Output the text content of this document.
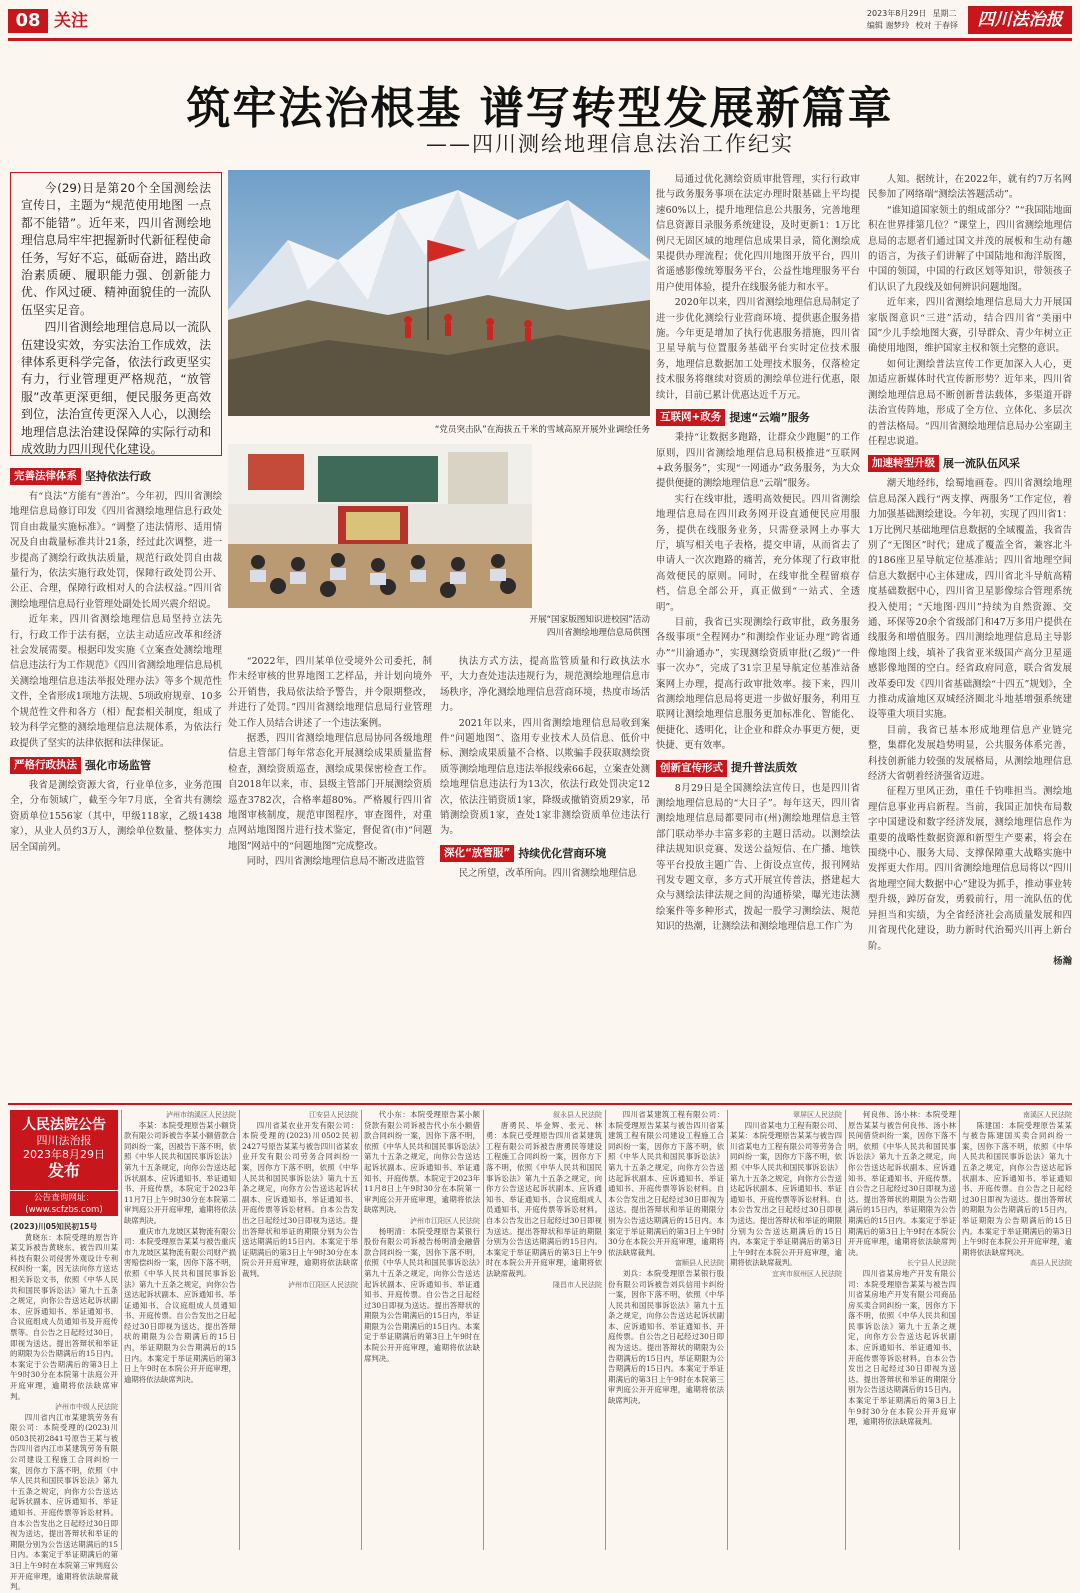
08 关注	2023年8月29日 星期二
编辑 谢梦玲 校对 于春铎	四川法治报
筑牢法治根基 谱写转型发展新篇章
——四川测绘地理信息法治工作纪实

今(29)日是第20个全国测绘法宣传日，主题为“规范使用地图 一点都不能错”。近年来，四川省测绘地理信息局牢牢把握新时代新征程使命任务，写好不忘，砥砺奋进，踏出政治素质硬、履职能力强、创新能力优、作风过硬、精神面貌佳的一流队伍坚实足音。

四川省测绘地理信息局以一流队伍建设实效，夯实法治工作成效，法律体系更科学完备，依法行政更坚实有力，行业管理更严格规范，“放管服”改革更深更细，便民服务更高效到位，法治宣传更深入人心，以测绘地理信息法治建设保障的实际行动和成效助力四川现代化建设。

完善法律体系 坚持依法行政

有“良法”方能有“善治”。今年初，四川省测绘地理信息局修订印发《四川省测绘地理信息行政处罚自由裁量实施标准》。“调整了违法情形、适用情况及自由裁量标准共计21条，经过此次调整，进一步提高了测绘行政执法质量，规范行政处罚自由裁量行为，依法实施行政处罚，保障行政处罚公开、公正、合理，保障行政相对人的合法权益。”四川省测绘地理信息局行业管理处副处长周兴震介绍说。

近年来，四川省测绘地理信息局坚持立法先行，行政工作于法有据，立法主动适应改革和经济社会发展需要。根据印发实施《立案查处测绘地理信息违法行为工作规范》《四川省测绘地理信息局机关测绘地理信息违法举报处理办法》等多个规范性文件，全省形成1项地方法规、5项政府规章、10多个规范性文件和各方（相）配套相关制度，组成了较为科学完整的测绘地理信息法规体系，为依法行政提供了坚实的法律依据和法律保证。

严格行政执法 强化市场监管

我省是测绘资源大省，行业单位多，业务范围全，分布领域广，截至今年7月底，全省共有测绘资质单位1556家（其中，甲级118家，乙级1438家），从业人员约3万人，测绘单位数量、整体实力居全国前列。

“党员突击队”在海拔五千米的雪域高原开展外业调绘任务
开展“国家版图知识进校园”活动
四川省测绘地理信息局供图

“2022年，四川某单位受境外公司委托，制作未经审核的世界地图工艺样品，并计划向境外公开销售，我局依法给予警告，并令限期整改，并进行了处罚。”四川省测绘地理信息局行业管理处工作人员结合讲述了一个违法案例。

据悉，四川省测绘地理信息局协同各级地理信息主管部门每年常态化开展测绘成果质量监督检查，测绘资质巡查，测绘成果保密检查工作。自2018年以来，市、县级主管部门开展测绘资质巡查3782次，合格率超80%。严格履行四川省地图审核制度，规范审图程序，审查图件，对重点网站地图图片进行技术鉴定，督促省(市)“问题地图”网站中的“问题地图”完成整改。

同时，四川省测绘地理信息局不断改进监管

执法方式方法，提高监管质量和行政执法水平，大力查处违法违规行为，规范测绘地理信息市场秩序，净化测绘地理信息营商环境，热度市场活力。

2021年以来，四川省测绘地理信息局收到案件“问题地图”、盗用专业技术人员信息、低价中标、测绘成果质量不合格、以欺骗手段获取测绘资质等测绘地理信息违法举报线索66起，立案查处测绘地理信息违法行为13次，依法行政处罚决定12次，依法注销资质1家，降级或撤销资质29家，吊销测绘资质1家，查处1家非测绘资质单位违法行为。

深化“放管服” 持续优化营商环境

民之所望，改革所向。四川省测绘地理信息

局通过优化测绘资质审批管理，实行行政审批与政务服务事项在法定办理时限基础上平均提速60%以上，提升地理信息公共服务，完善地理信息资源目录服务系统建设，及时更新1：1万比例尺无固区域的地理信息成果目录，简化测绘成果提供办理流程；优化四川地图开放平台，四川省遥感影像统筹服务平台，公益性地理服务平台用户使用体验，提升在线服务能力和水平。

2020年以来，四川省测绘地理信息局制定了进一步优化测绘行业营商环境、提供惠企服务措施。今年更是增加了执行优惠服务措施，四川省卫星导航与位置服务基础平台实时定位技术服务，地理信息数据加工处理技术服务，仅落检定技术服务将继续对资质的测绘单位进行优惠，限续计，目前已累计优惠达近千万元。

互联网+政务 提速“云端”服务

秉持“让数据多跑路，让群众少跑腿”的工作原则，四川省测绘地理信息局积极推进“互联网+政务服务”，实现“一网通办”政务服务，为大众提供便捷的测绘地理信息“云端”服务。

实行在线审批，透明高效便民。四川省测绘地理信息局在四川政务网开设直通便民应用服务，提供在线服务业务，只需登录网上办事大厅，填写相关电子表格，提交申请，从而省去了申请人一次次跑路的痛苦，充分体现了行政审批高效便民的原则。同时，在线审批全程留痕存档，信息全部公开，真正做到“一站式、全透明”。

目前，我省已实现测绘行政审批，政务服务各级事项“全程网办”和测绘作业证办理“跨省通办”“川渝通办”，实现测绘资质审批(乙级)“一件事一次办”，完成了31宗卫星导航定位基准站备案网上办理，提高行政审批效率。接下来，四川省测绘地理信息局将更进一步做好服务，利用互联网让测绘地理信息服务更加标准化、智能化、便捷化、透明化，让企业和群众办事更方便，更快捷、更有效率。

创新宣传形式 提升普法质效

8月29日是全国测绘法宣传日，也是四川省测绘地理信息局的“大日子”。每年这天，四川省测绘地理信息局都要同市(州)测绘地理信息主管部门联动举办丰富多彩的主题日活动。以测绘法律法规知识竞赛、发送公益短信、在广播、地铁等平台投放主题广告、上街设点宣传，报刊网站刊发专题文章，多方式开展宣传普法，搭建起大众与测绘法律法规之间的沟通桥梁，曝光违法测绘案件等多种形式，拨起一股学习测绘法、規范知识的热潮，让测绘法和测绘地理信息工作广为

人知。据统计，在2022年，就有约7万名网民参加了网络端“测绘法答题活动”。

“谁知道国家领土的组成部分？”“我国陆地面积在世界排第几位？”课堂上，四川省测绘地理信息局的志愿者们通过国文并茂的展板和生动有趣的语言，为孩子们讲解了中国陆地和海洋版图，中国的领国，中国的行政区划等知识，带领孩子们认识了九段线及如何辨识问题地图。

近年来，四川省测绘地理信息局大力开展国家版图意识“三进”活动，结合四川省“美丽中国”少儿手绘地图大赛，引导群众、青少年树立正确使用地图，维护国家主权和领土完整的意识。

如何让测绘普法宣传工作更加深入人心，更加适应新媒体时代宣传新形势？近年来，四川省测绘地理信息局不断创新普法载体，多渠道开辟法治宣传阵地，形成了全方位、立体化、多层次的普法格局。“四川省测绘地理信息局办公室副主任程忠说道。

加速转型升级 展一流队伍风采

潮天地经纬，绘蜀地画卷。四川省测绘地理信息局深入践行“两支撑、两服务”工作定位，着力加强基础测绘建设。今年初，实现了四川省1：1万比例尺基础地理信息数据的全域覆盖，我省告别了“无图区”时代；建成了覆盖全省，兼容北斗的186座卫星导航定位基准站；四川省地理空间信息大数据中心主体建成，四川省北斗导航高精度基础数据中心，四川省卫星影像综合管理系统投入使用；“天地图·四川”持续为自然资源、交通、环保等20余个省级部门和47万多用户提供在线服务和增值服务。四川测绘地理信息局主导影像地图上线，填补了我省亚米级国产高分卫星遥感影像地图的空白。经省政府同意，联合省发展改革委印发《四川省基础测绘“十四五”规划》，全力推动成渝地区双城经济圈北斗地基增强系统建设等重大项目实施。

目前，我省已基本形成地理信息产业链完整，集群化发展趋势明显，公共服务体系完善，科技创新能力较强的发展格局，从测绘地理信息经济大省朝着经济强省迈进。

征程万里风正劲，重任千钧唯担当。测绘地理信息事业再启新程。当前，我国正加快布局数字中国建设和数字经济发展，测绘地理信息作为重要的战略性数据资源和新型生产要素，将会在围绕中心、服务大局、支撑保障重大战略实施中发挥更大作用。四川省测绘地理信息局将以“四川省地理空间大数据中心”建设为抓手，推动事业转型升级，踔厉奋发，勇毅前行，用一流队伍的优异担当和实绩，为全省经济社会高质量发展和四川省现代化建设，助力新时代治蜀兴川再上新台阶。

杨瀚
人民法院公告
四川法治报
2023年8月29日
发布
公告查询网址：
(www.scfzbs.com)

(2023)川05知民初15号

黄晓东：本院受理的原告许某艾诉被告黄晓东、被告四川某科技有限公司侵害外观设计专利权纠纷一案，因无法向你方送达相关诉讼文书，依照《中华人民共和国民事诉讼法》第九十五条之规定，向你公告送达起诉状副本、应诉通知书、举证通知书、合议庭组成人员通知书及开庭传票等。自公告之日起经过30日，即视为送达。提出答辩状和举证的期限为公告期满后的15日内。本案定于公告期满后的第3日上午9时30分在本院第十法庭公开开庭审理，逾期将依法缺席审判。

泸州市中级人民法院

四川省内江市某建筑劳务有限公司：本院受理的(2023)川0503民初2841号原告王某与被告四川省内江市某建筑劳务有限公司建设工程施工合同纠纷一案，因你方下落不明，依照《中华人民共和国民事诉讼法》第九十五条之规定，向你方公告送达起诉状副本、应诉通知书、举证通知书、开庭传票等诉讼材料。自本公告发出之日起经过30日即视为送达，提出答辩状和举证的期限分别为公告送达期满后的15日内。本案定于举证期满后的第3日上午9时在本院第三审判庭公开开庭审理，逾期将依法缺席裁判。

泸州市纳溪区人民法院

李某：本院受理原告某小额贷款有限公司诉被告李某小额借款合同纠纷一案，因被告下落不明，依照《中华人民共和国民事诉讼法》第九十五条规定，向你公告送达起诉状副本、应诉通知书、举证通知书、开庭传票，本院定于2023年11月7日上午9时30分在本院第二审判庭公开开庭审理，逾期将依法缺席判决。

重庆市九龙坡区某物流有限公司：本院受理原告某某与被告重庆市九龙坡区某物流有限公司财产损害赔偿纠纷一案，因你下落不明，依照《中华人民共和国民事诉讼法》第九十五条之规定，向你公告送达起诉状副本、应诉通知书、举证通知书、合议庭组成人员通知书、开庭传票。自公告发出之日起经过30日即视为送达，提出答辩状的期限为公告期满后的15日内，举证期限为公告期满后的15日内。本案定于举证期满后的第3日上午9时在本院公开开庭审理，逾期将依法缺席判决。

江安县人民法院

四川省某农业开发有限公司：本院受理的(2023)川0502民初2427号原告某某与被告四川省某农业开发有限公司劳务合同纠纷一案，因你方下落不明，依照《中华人民共和国民事诉讼法》第九十五条之规定，向你方公告送达起诉状副本、应诉通知书、举证通知书、开庭传票等诉讼材料。自本公告发出之日起经过30日即视为送达。提出答辩状和举证的期限分别为公告送达期满后的15日内。本案定于举证期满后的第3日上午9时30分在本院公开开庭审理，逾期将依法缺席裁判。

泸州市江阳区人民法院

代小东：本院受理原告某小额贷款有限公司诉被告代小东小额借款合同纠纷一案，因你下落不明，依照《中华人民共和国民事诉讼法》第九十五条之规定，向你公告送达起诉状副本、应诉通知书、举证通知书、开庭传票。本院定于2023年11月8日上午9时30分在本院第一审判庭公开开庭审理，逾期将依法缺席判决。

泸州市江阳区人民法院

杨明清：本院受理原告某银行股份有限公司诉被告杨明清金融借款合同纠纷一案，因你下落不明，依照《中华人民共和国民事诉讼法》第九十五条之规定，向你公告送达起诉状副本、应诉通知书、举证通知书、开庭传票。自公告之日起经过30日即视为送达。提出答辩状的期限为公告期满后的15日内，举证期限为公告期满后的15日内。本案定于举证期满后的第3日上午9时在本院公开开庭审理，逾期将依法缺席判决。

叙永县人民法院

唐勇民、毕金辉、张元、林勇：本院已受理原告四川省某建筑工程有限公司诉被告唐勇民等建设工程施工合同纠纷一案，因你方下落不明，依照《中华人民共和国民事诉讼法》第九十五条之规定，向你方公告送达起诉状副本、应诉通知书、举证通知书、合议庭组成人员通知书、开庭传票等诉讼材料。自本公告发出之日起经过30日即视为送达。提出答辩状和举证的期限分别为公告送达期满后的15日内。本案定于举证期满后的第3日上午9时在本院公开开庭审理，逾期将依法缺席裁判。

隆昌市人民法院

四川省某建筑工程有限公司：本院受理原告某某与被告四川省某建筑工程有限公司建设工程施工合同纠纷一案，因你方下落不明，依照《中华人民共和国民事诉讼法》第九十五条之规定，向你方公告送达起诉状副本、应诉通知书、举证通知书、开庭传票等诉讼材料。自本公告发出之日起经过30日即视为送达。提出答辩状和举证的期限分别为公告送达期满后的15日内。本案定于举证期满后的第3日上午9时30分在本院公开开庭审理，逾期将依法缺席裁判。

富顺县人民法院

刘兵：本院受理原告某银行股份有限公司诉被告刘兵信用卡纠纷一案，因你下落不明，依照《中华人民共和国民事诉讼法》第九十五条之规定，向你公告送达起诉状副本、应诉通知书、举证通知书、开庭传票。自公告之日起经过30日即视为送达。提出答辩状的期限为公告期满后的15日内，举证期限为公告期满后的15日内。本案定于举证期满后的第3日上午9时在本院第三审判庭公开开庭审理，逾期将依法缺席判决。

翠屏区人民法院

四川省某电力工程有限公司、某某：本院受理原告某某与被告四川省某电力工程有限公司等劳务合同纠纷一案，因你方下落不明，依照《中华人民共和国民事诉讼法》第九十五条之规定，向你方公告送达起诉状副本、应诉通知书、举证通知书、开庭传票等诉讼材料。自本公告发出之日起经过30日即视为送达。提出答辩状和举证的期限分别为公告送达期满后的15日内。本案定于举证期满后的第3日上午9时在本院公开开庭审理，逾期将依法缺席裁判。

宜宾市叙州区人民法院

何良伟、汤小林：本院受理原告某某与被告何良伟、汤小林民间借贷纠纷一案，因你下落不明，依照《中华人民共和国民事诉讼法》第九十五条之规定，向你公告送达起诉状副本、应诉通知书、举证通知书、开庭传票。自公告之日起经过30日即视为送达。提出答辩状的期限为公告期满后的15日内，举证期限为公告期满后的15日内。本案定于举证期满后的第3日上午9时在本院公开开庭审理，逾期将依法缺席判决。

长宁县人民法院

四川省某房地产开发有限公司：本院受理原告某某与被告四川省某房地产开发有限公司商品房买卖合同纠纷一案，因你方下落不明，依照《中华人民共和国民事诉讼法》第九十五条之规定，向你方公告送达起诉状副本、应诉通知书、举证通知书、开庭传票等诉讼材料。自本公告发出之日起经过30日即视为送达。提出答辩状和举证的期限分别为公告送达期满后的15日内。本案定于举证期满后的第3日上午9时30分在本院公开开庭审理，逾期将依法缺席裁判。

南溪区人民法院

陈建国：本院受理原告某某与被告陈建国买卖合同纠纷一案，因你下落不明，依照《中华人民共和国民事诉讼法》第九十五条之规定，向你公告送达起诉状副本、应诉通知书、举证通知书、开庭传票。自公告之日起经过30日即视为送达。提出答辩状的期限为公告期满后的15日内，举证期限为公告期满后的15日内。本案定于举证期满后的第3日上午9时在本院公开开庭审理，逾期将依法缺席判决。

高县人民法院
